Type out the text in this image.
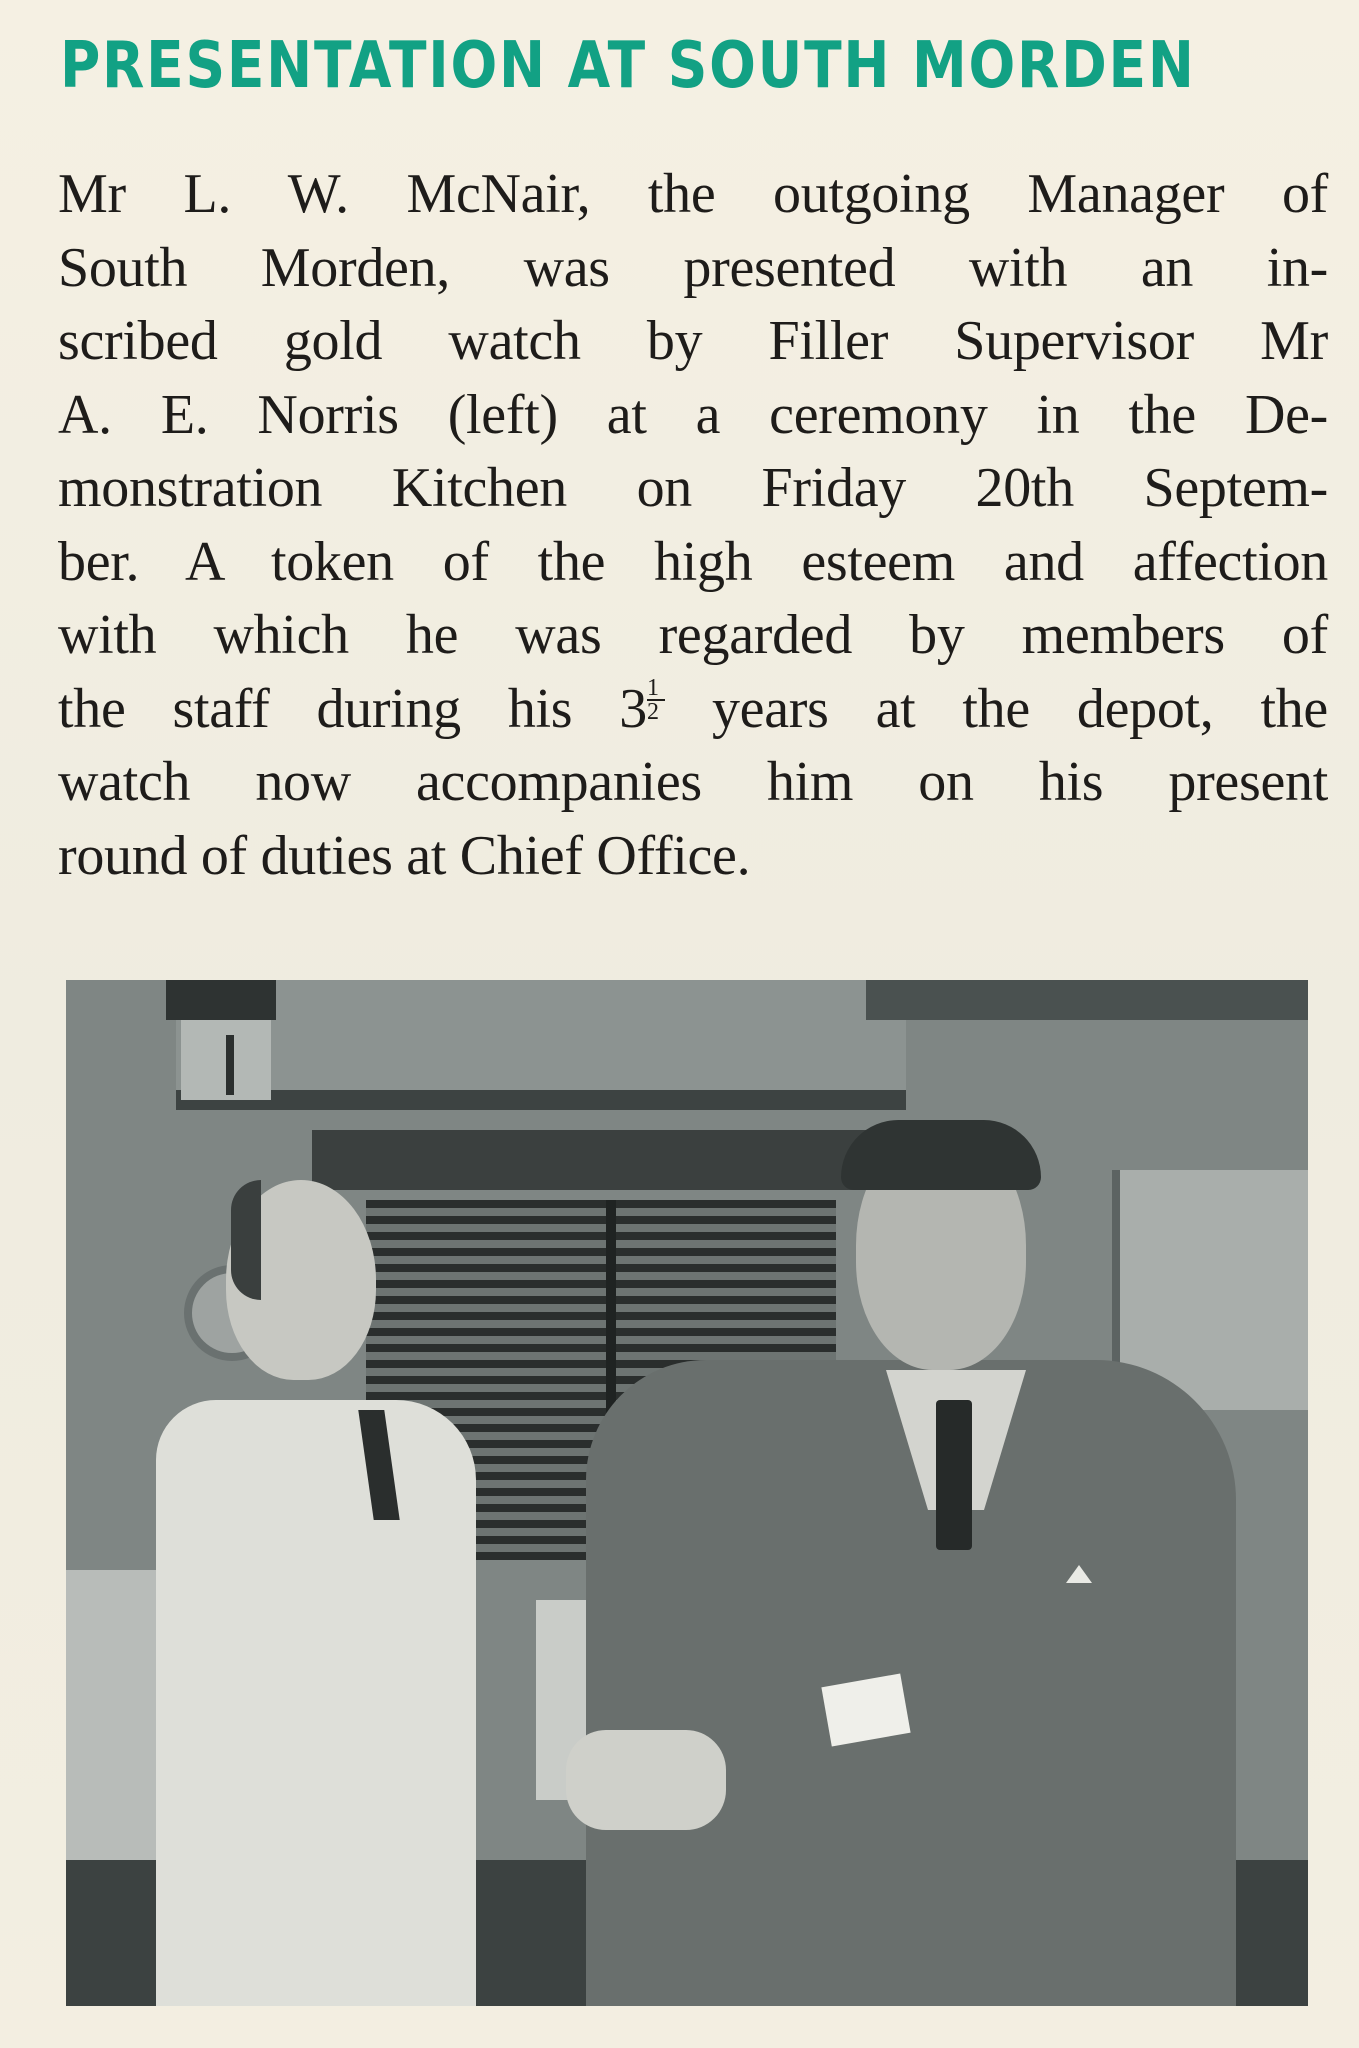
PRESENTATION AT SOUTH MORDEN
Mr L. W. McNair, the outgoing Manager of
South Morden, was presented with an in-
scribed gold watch by Filler Supervisor Mr
A. E. Norris (left) at a ceremony in the De-
monstration Kitchen on Friday 20th Septem-
ber. A token of the high esteem and affection
with which he was regarded by members of
the staff during his $3 \frac{1}{2}$ years at the depot, the
watch now accompanies him on his present
round of duties at Chief Office.
